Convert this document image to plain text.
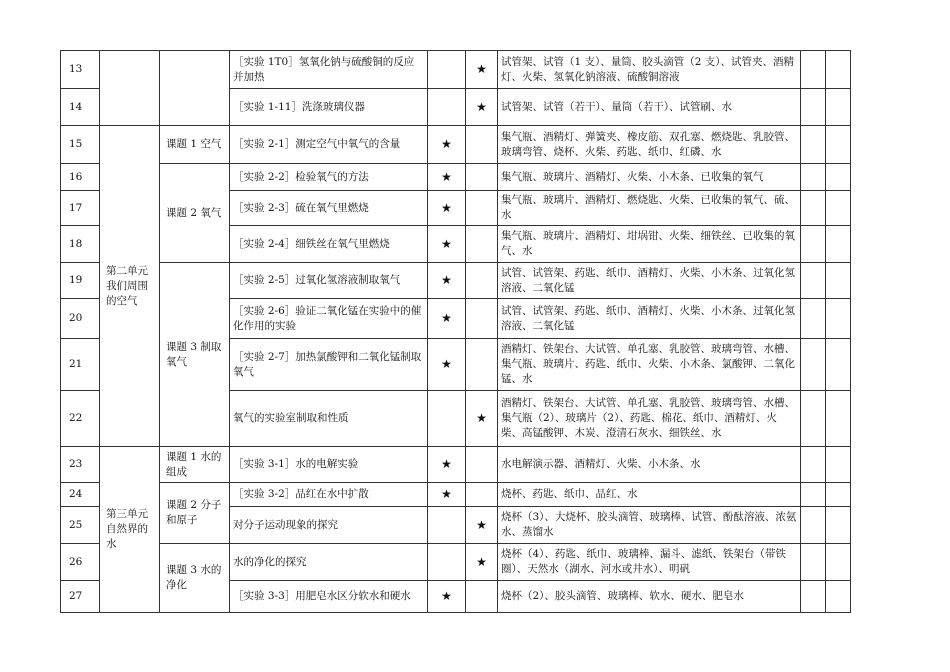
13			［实验 1T0］氢氧化钠与硫酸铜的反应并加热		★	试管架、试管（1 支）、量筒、胶头滴管（2 支）、试管夹、酒精灯、火柴、氢氧化钠溶液、硫酸铜溶液		
14			［实验 1-11］洗涤玻璃仪器		★	试管架、试管（若干）、量筒（若干）、试管刷、水		
15	第二单元我们周围的空气	课题 1 空气	［实验 2-1］测定空气中氧气的含量	★		集气瓶、酒精灯、弹簧夹、橡皮筋、双孔塞、燃烧匙、乳胶管、玻璃弯管、烧杯、火柴、药匙、纸巾、红磷、水		
16		课题 2 氧气	［实验 2-2］检验氧气的方法	★		集气瓶、玻璃片、酒精灯、火柴、小木条、已收集的氧气		
17			［实验 2-3］硫在氧气里燃烧	★		集气瓶、玻璃片、酒精灯、燃烧匙、火柴、已收集的氧气、硫、水		
18			［实验 2-4］细铁丝在氧气里燃烧	★		集气瓶、玻璃片、酒精灯、坩埚钳、火柴、细铁丝、已收集的氧气、水		
19		课题 3 制取氧气	［实验 2-5］过氧化氢溶液制取氧气	★		试管、试管架、药匙、纸巾、酒精灯、火柴、小木条、过氧化氢溶液、二氧化锰		
20			［实验 2-6］验证二氧化锰在实验中的催化作用的实验	★		试管、试管架、药匙、纸巾、酒精灯、火柴、小木条、过氧化氢溶液、二氧化锰		
21			［实验 2-7］加热氯酸钾和二氧化锰制取氧气	★		酒精灯、铁架台、大试管、单孔塞、乳胶管、玻璃弯管、水槽、集气瓶、玻璃片、药匙、纸巾、火柴、小木条、氯酸钾、二氧化锰、水		
22			氧气的实验室制取和性质		★	酒精灯、铁架台、大试管、单孔塞、乳胶管、玻璃弯管、水槽、集气瓶（2）、玻璃片（2）、药匙、棉花、纸巾、酒精灯、火柴、高锰酸钾、木炭、澄清石灰水、细铁丝、水		
23	第三单元自然界的水	课题 1 水的组成	［实验 3-1］水的电解实验	★		水电解演示器、酒精灯、火柴、小木条、水		
24		课题 2 分子和原子	［实验 3-2］品红在水中扩散	★		烧杯、药匙、纸巾、品红、水		
25			对分子运动现象的探究		★	烧杯（3）、大烧杯、胶头滴管、玻璃棒、试管、酚酞溶液、浓氨水、蒸馏水		
26		课题 3 水的净化	水的净化的探究		★	烧杯（4）、药匙、纸巾、玻璃棒、漏斗、滤纸、铁架台（带铁圈）、天然水（湖水、河水或井水）、明矾		
27			［实验 3-3］用肥皂水区分软水和硬水	★		烧杯（2）、胶头滴管、玻璃棒、软水、硬水、肥皂水		
